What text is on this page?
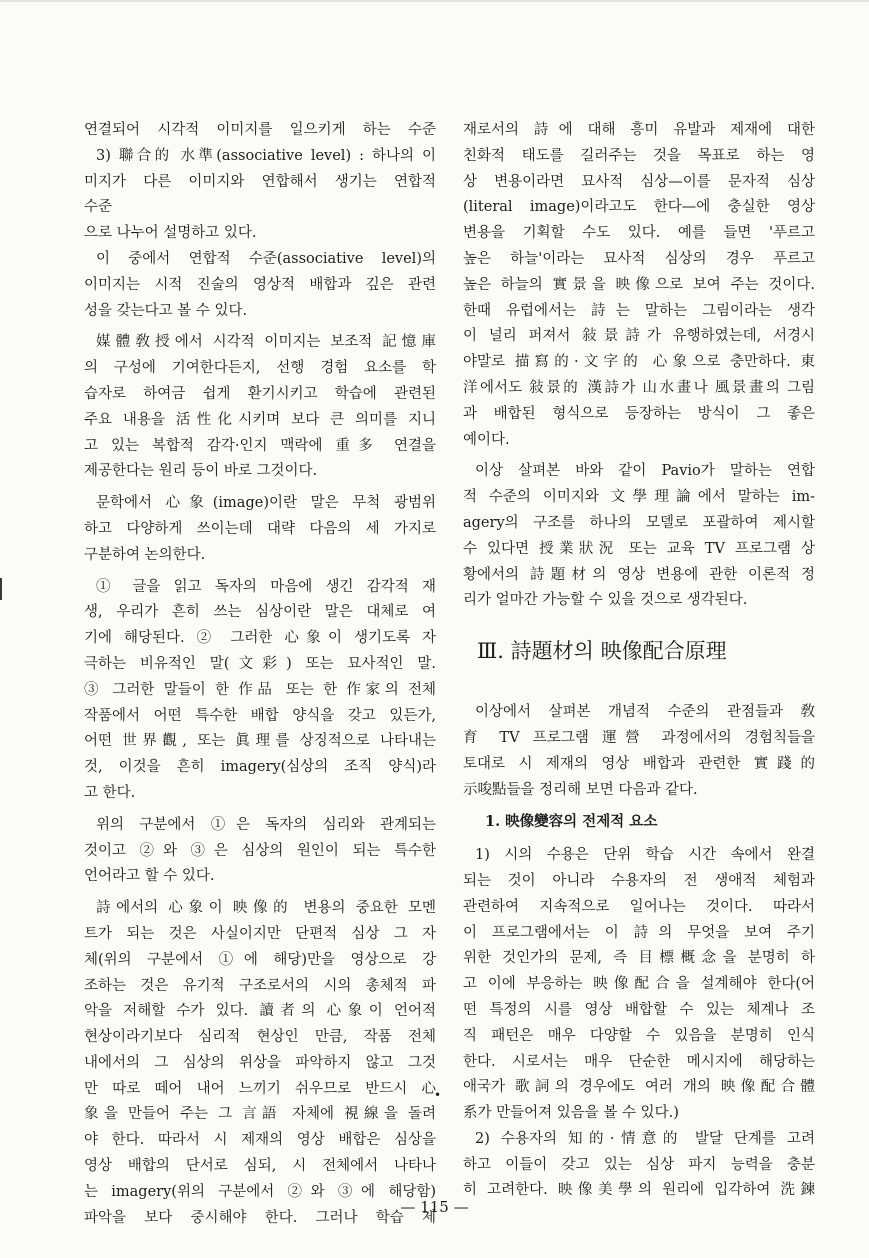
연결되어 시각적 이미지를 일으키게 하는 수준
3) 聯合的 水準(associative level) : 하나의 이
미지가 다른 이미지와 연합해서 생기는 연합적
수준
으로 나누어 설명하고 있다.
이 중에서 연합적 수준(associative level)의
이미지는 시적 진술의 영상적 배합과 깊은 관련
성을 갖는다고 볼 수 있다.
媒體敎授에서 시각적 이미지는 보조적 記憶庫
의 구성에 기여한다든지, 선행 경험 요소를 학
습자로 하여금 쉽게 환기시키고 학습에 관련된
주요 내용을 活性化시키며 보다 큰 의미를 지니
고 있는 복합적 감각·인지 맥락에 重多 연결을
제공한다는 원리 등이 바로 그것이다.
문학에서 心象(image)이란 말은 무척 광범위
하고 다양하게 쓰이는데 대략 다음의 세 가지로
구분하여 논의한다.
① 글을 읽고 독자의 마음에 생긴 감각적 재
생, 우리가 흔히 쓰는 심상이란 말은 대체로 여
기에 해당된다. ② 그러한 心象이 생기도록 자
극하는 비유적인 말(文彩) 또는 묘사적인 말.
③ 그러한 말들이 한 作品 또는 한 作家의 전체
작품에서 어떤 특수한 배합 양식을 갖고 있든가,
어떤 世界觀, 또는 眞理를 상징적으로 나타내는
것, 이것을 흔히 imagery(심상의 조직 양식)라
고 한다.
위의 구분에서 ①은 독자의 심리와 관계되는
것이고 ②와 ③은 심상의 원인이 되는 특수한
언어라고 할 수 있다.
詩에서의 心象이 映像的 변용의 중요한 모멘
트가 되는 것은 사실이지만 단편적 심상 그 자
체(위의 구분에서 ①에 해당)만을 영상으로 강
조하는 것은 유기적 구조로서의 시의 총체적 파
악을 저해할 수가 있다. 讀者의 心象이 언어적
현상이라기보다 심리적 현상인 만큼, 작품 전체
내에서의 그 심상의 위상을 파악하지 않고 그것
만 따로 떼어 내어 느끼기 쉬우므로 반드시 心
象을 만들어 주는 그 言語 자체에 視線을 돌려
야 한다. 따라서 시 제재의 영상 배합은 심상을
영상 배합의 단서로 심되, 시 전체에서 나타나
는 imagery(위의 구분에서 ②와 ③에 해당함)
파악을 보다 중시해야 한다. 그러나 학습 제
재로서의 詩에 대해 흥미 유발과 제재에 대한
친화적 태도를 길러주는 것을 목표로 하는 영
상 변용이라면 묘사적 심상—이를 문자적 심상
(literal image)이라고도 한다—에 충실한 영상
변용을 기획할 수도 있다. 예를 들면 '푸르고
높은 하늘'이라는 묘사적 심상의 경우 푸르고
높은 하늘의 實景을 映像으로 보여 주는 것이다.
한때 유럽에서는 詩는 말하는 그림이라는 생각
이 널리 퍼져서 敍景詩가 유행하였는데, 서경시
야말로 描寫的·文字的 心象으로 충만하다. 東
洋에서도 敍景的 漢詩가 山水畫나 風景畫의 그림
과 배합된 형식으로 등장하는 방식이 그 좋은
예이다.
이상 살펴본 바와 같이 Pavio가 말하는 연합
적 수준의 이미지와 文學理論에서 말하는 im-
agery의 구조를 하나의 모델로 포괄하여 제시할
수 있다면 授業狀況 또는 교육 TV 프로그램 상
황에서의 詩題材의 영상 변용에 관한 이론적 정
리가 얼마간 가능할 수 있을 것으로 생각된다.
Ⅲ. 詩題材의 映像配合原理
이상에서 살펴본 개념적 수준의 관점들과 敎
育 TV 프로그램 運營 과정에서의 경험칙들을
토대로 시 제재의 영상 배합과 관련한 實踐的
示唆點들을 정리해 보면 다음과 같다.
1. 映像變容의 전제적 요소
1) 시의 수용은 단위 학습 시간 속에서 완결
되는 것이 아니라 수용자의 전 생애적 체험과
관련하여 지속적으로 일어나는 것이다. 따라서
이 프로그램에서는 이 詩의 무엇을 보여 주기
위한 것인가의 문제, 즉 目標概念을 분명히 하
고 이에 부응하는 映像配合을 설계해야 한다(어
떤 특정의 시를 영상 배합할 수 있는 체계나 조
직 패턴은 매우 다양할 수 있음을 분명히 인식
한다. 시로서는 매우 단순한 메시지에 해당하는
애국가 歌詞의 경우에도 여러 개의 映像配合體
系가 만들어져 있음을 볼 수 있다.)
2) 수용자의 知的·情意的 발달 단계를 고려
하고 이들이 갖고 있는 심상 파지 능력을 충분
히 고려한다. 映像美學의 원리에 입각하여 洗鍊
•
— 115 —
